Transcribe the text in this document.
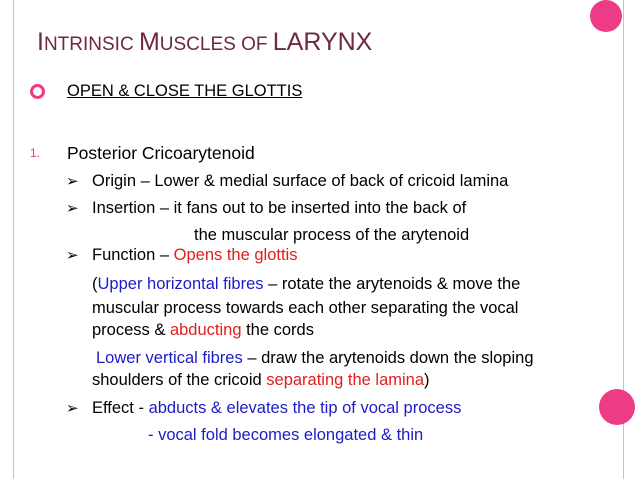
INTRINSIC MUSCLES OF LARYNX
OPEN & CLOSE THE GLOTTIS
1. Posterior Cricoarytenoid
➢ Origin – Lower & medial surface of back of cricoid lamina
➢ Insertion – it fans out to be inserted into the back of
the muscular process of the arytenoid
➢ Function – Opens the glottis
(Upper horizontal fibres – rotate the arytenoids & move the
muscular process towards each other separating the vocal
process & abducting the cords
Lower vertical fibres – draw the arytenoids down the sloping
shoulders of the cricoid separating the lamina)
➢ Effect - abducts & elevates the tip of vocal process
- vocal fold becomes elongated & thin
